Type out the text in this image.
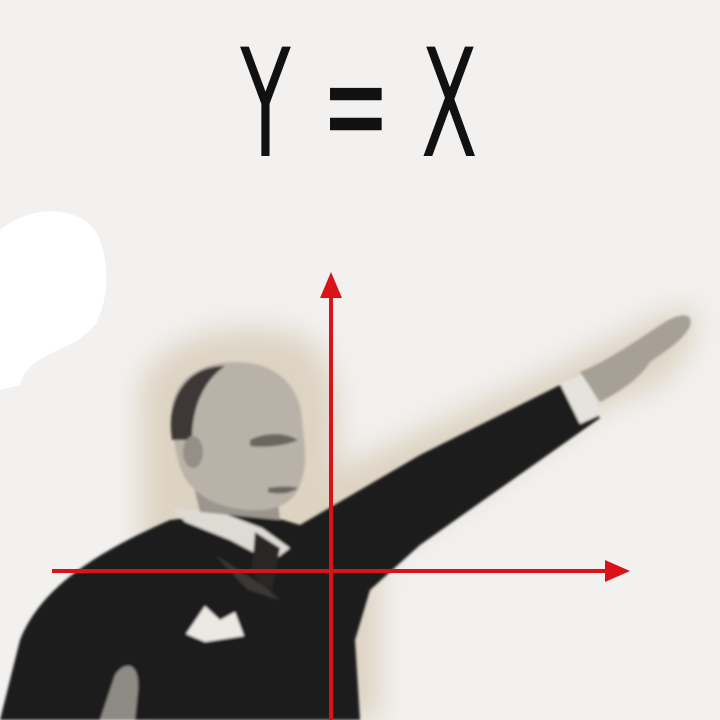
Y = X
